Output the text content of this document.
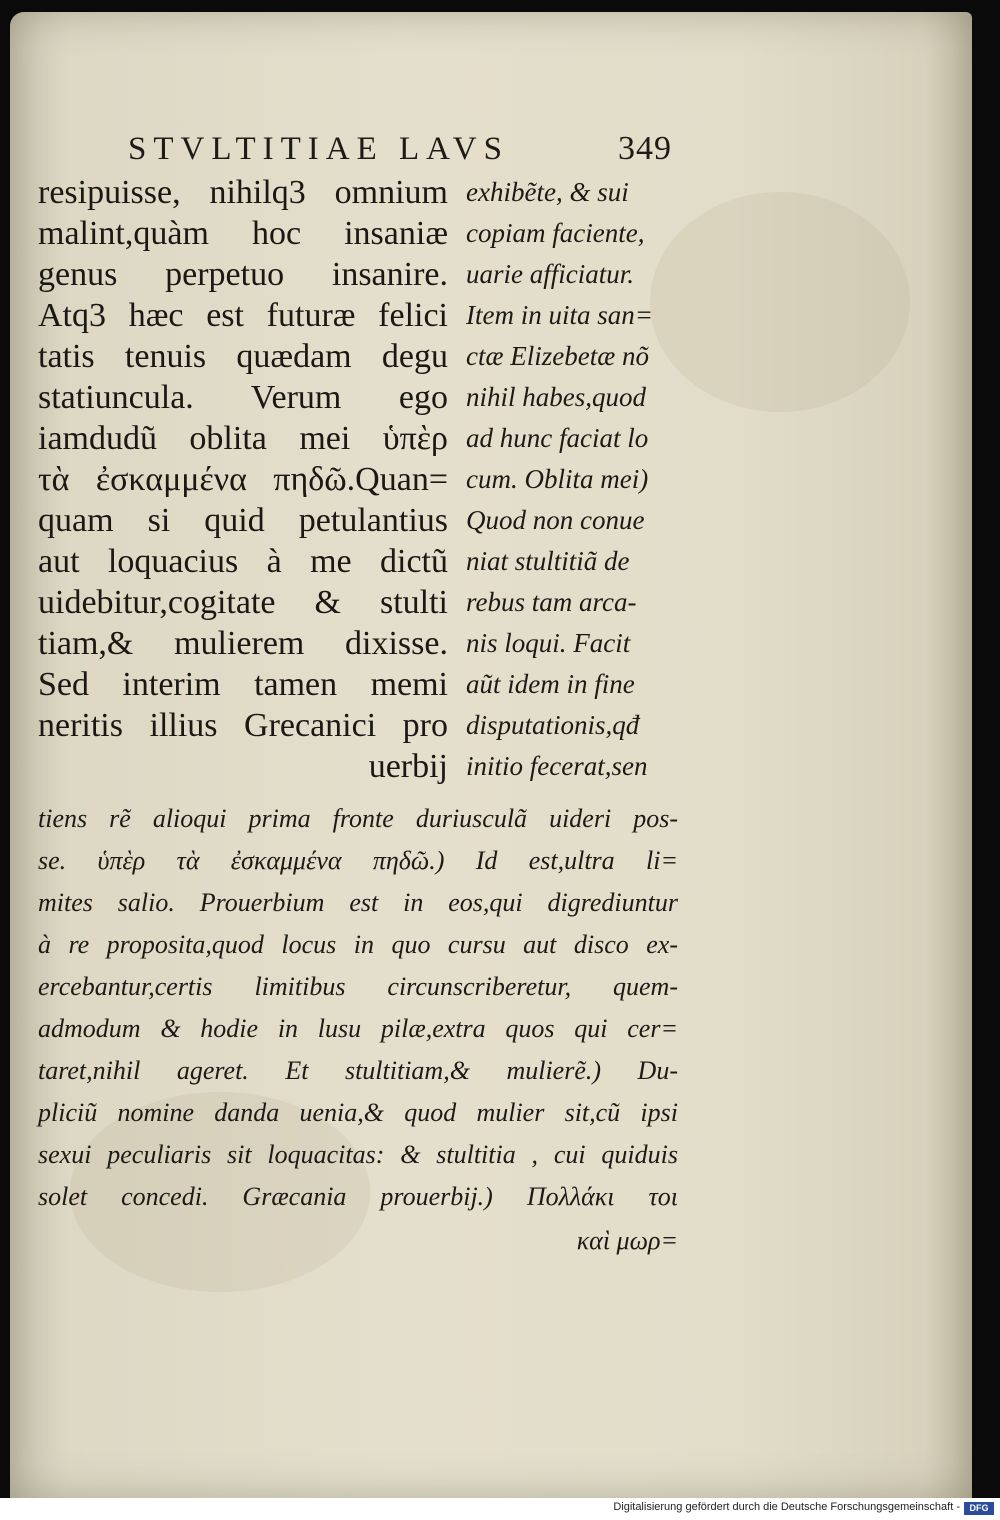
STVLTITIAE LAVS	349
resipuisse, nihilq3 omnium
malint,quàm hoc insaniæ
genus perpetuo insanire.
Atq3 hæc est futuræ felici
tatis tenuis quædam degu
statiuncula. Verum ego
iamdudũ oblita mei ὑπὲρ
τὰ ἐσκαμμένα πηδῶ.Quan=
quam si quid petulantius
aut loquacius à me dictũ
uidebitur,cogitate & stulti
tiam,& mulierem dixisse.
Sed interim tamen memi
neritis illius Grecanici pro
uerbij
exhibẽte, & sui
copiam faciente,
uarie afficiatur.
Item in uita san=
ctæ Elizebetæ nõ
nihil habes,quod
ad hunc faciat lo
cum. Oblita mei)
Quod non conue
niat stultitiã de
rebus tam arca-
nis loqui. Facit
aũt idem in fine
disputationis,qđ
initio fecerat,sen
tiens rẽ alioqui prima fronte duriusculã uideri pos-
se. ὑπὲρ τὰ ἐσκαμμένα πηδῶ.) Id est,ultra li=
mites salio. Prouerbium est in eos,qui digrediuntur
à re proposita,quod locus in quo cursu aut disco ex-
ercebantur,certis limitibus circunscriberetur, quem-
admodum & hodie in lusu pilæ,extra quos qui cer=
taret,nihil ageret. Et stultitiam,& mulierẽ.) Du-
pliciũ nomine danda uenia,& quod mulier sit,cũ ipsi
sexui peculiaris sit loquacitas: & stultitia , cui quiduis
solet concedi. Græcania prouerbij.) Πολλάκι τοι
καὶ μωρ=
Digitalisierung gefördert durch die Deutsche Forschungsgemeinschaft -	DFG
